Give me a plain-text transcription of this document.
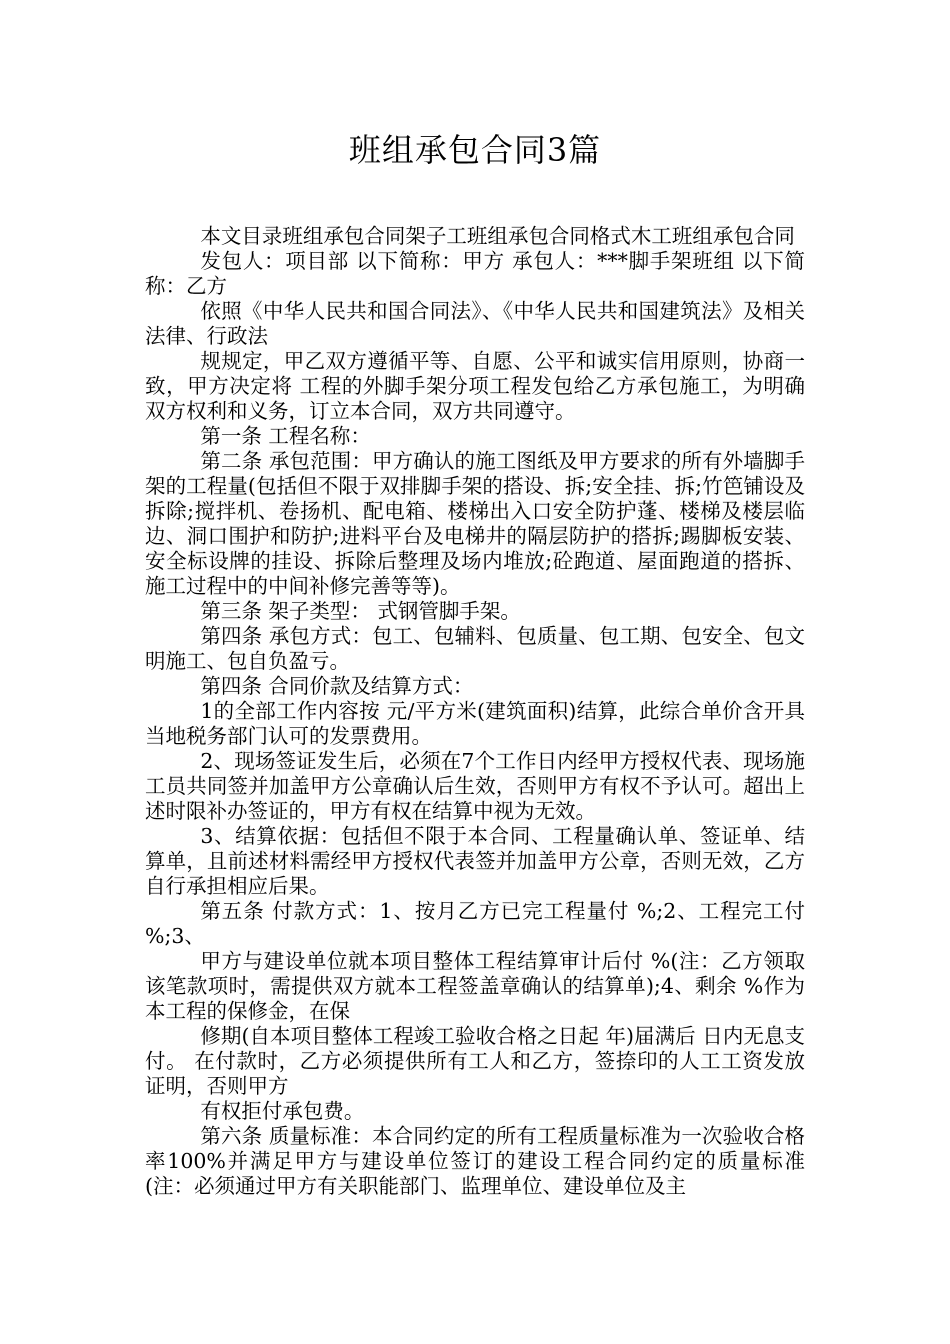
班组承包合同3篇

本文目录班组承包合同架子工班组承包合同格式木工班组承包合同

发包人：项目部 以下简称：甲方 承包人：***脚手架班组 以下简称：乙方

依照《中华人民共和国合同法》、《中华人民共和国建筑法》及相关法律、行政法

规规定，甲乙双方遵循平等、自愿、公平和诚实信用原则，协商一致，甲方决定将 工程的外脚手架分项工程发包给乙方承包施工，为明确双方权利和义务，订立本合同，双方共同遵守。

第一条 工程名称：

第二条 承包范围：甲方确认的施工图纸及甲方要求的所有外墙脚手架的工程量(包括但不限于双排脚手架的搭设、拆;安全挂、拆;竹笆铺设及拆除;搅拌机、卷扬机、配电箱、楼梯出入口安全防护蓬、楼梯及楼层临边、洞口围护和防护;进料平台及电梯井的隔层防护的搭拆;踢脚板安装、安全标设牌的挂设、拆除后整理及场内堆放;砼跑道、屋面跑道的搭拆、施工过程中的中间补修完善等等)。

第三条 架子类型： 式钢管脚手架。

第四条 承包方式：包工、包辅料、包质量、包工期、包安全、包文明施工、包自负盈亏。

第四条 合同价款及结算方式：

1的全部工作内容按 元/平方米(建筑面积)结算，此综合单价含开具当地税务部门认可的发票费用。

2、现场签证发生后，必须在7个工作日内经甲方授权代表、现场施工员共同签并加盖甲方公章确认后生效，否则甲方有权不予认可。超出上述时限补办签证的，甲方有权在结算中视为无效。

3、结算依据：包括但不限于本合同、工程量确认单、签证单、结算单，且前述材料需经甲方授权代表签并加盖甲方公章，否则无效，乙方自行承担相应后果。

第五条 付款方式：1、按月乙方已完工程量付 %;2、工程完工付 %;3、

甲方与建设单位就本项目整体工程结算审计后付 %(注：乙方领取该笔款项时，需提供双方就本工程签盖章确认的结算单);4、剩余 %作为本工程的保修金，在保

修期(自本项目整体工程竣工验收合格之日起 年)届满后 日内无息支付。 在付款时，乙方必须提供所有工人和乙方，签捺印的人工工资发放证明，否则甲方

有权拒付承包费。

第六条 质量标准：本合同约定的所有工程质量标准为一次验收合格率100%并满足甲方与建设单位签订的建设工程合同约定的质量标准(注：必须通过甲方有关职能部门、监理单位、建设单位及主
